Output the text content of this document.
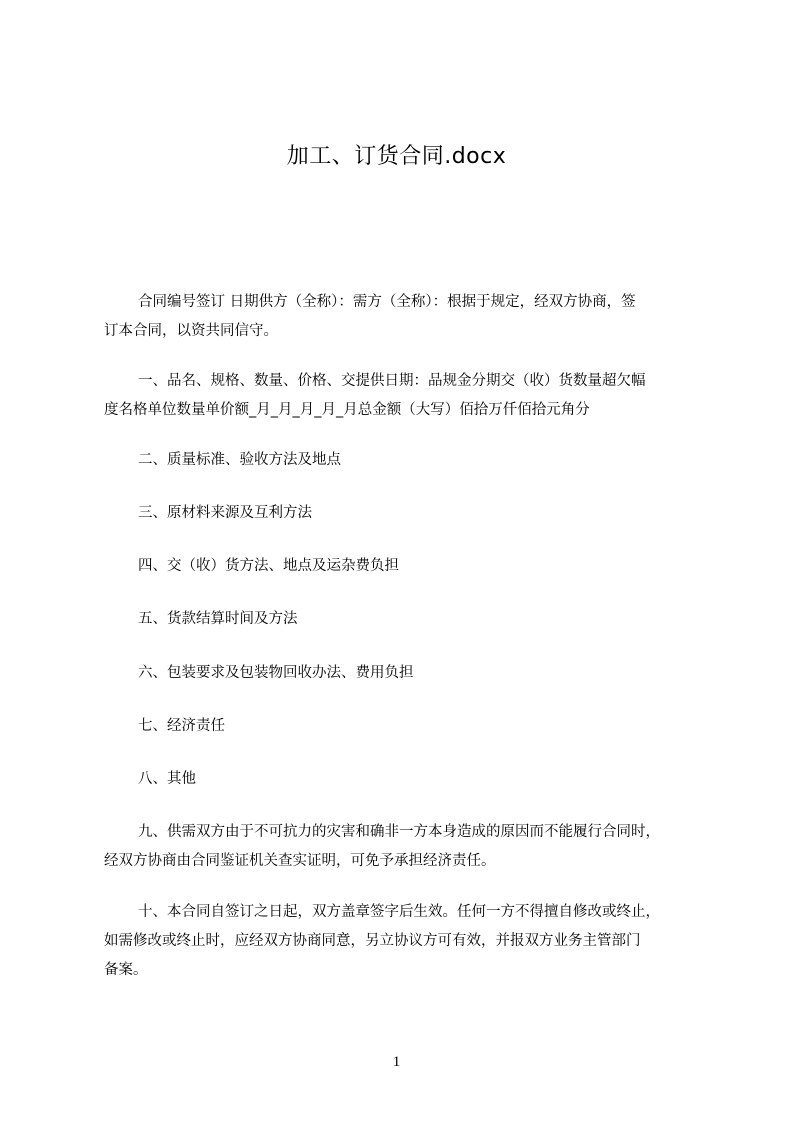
加工、订货合同.docx

合同编号签订 日期供方（全称）：需方（全称）：根据于规定，经双方协商，签
订本合同，以资共同信守。

一、品名、规格、数量、价格、交提供日期：品规金分期交（收）货数量超欠幅
度名格单位数量单价额_月_月_月_月_月总金额（大写）佰拾万仟佰拾元角分

二、质量标准、验收方法及地点

三、原材料来源及互利方法

四、交（收）货方法、地点及运杂费负担

五、货款结算时间及方法

六、包装要求及包装物回收办法、费用负担

七、经济责任

八、其他

九、供需双方由于不可抗力的灾害和确非一方本身造成的原因而不能履行合同时，
经双方协商由合同鉴证机关查实证明，可免予承担经济责任。

十、本合同自签订之日起，双方盖章签字后生效。任何一方不得擅自修改或终止，
如需修改或终止时，应经双方协商同意，另立协议方可有效，并报双方业务主管部门
备案。

1
